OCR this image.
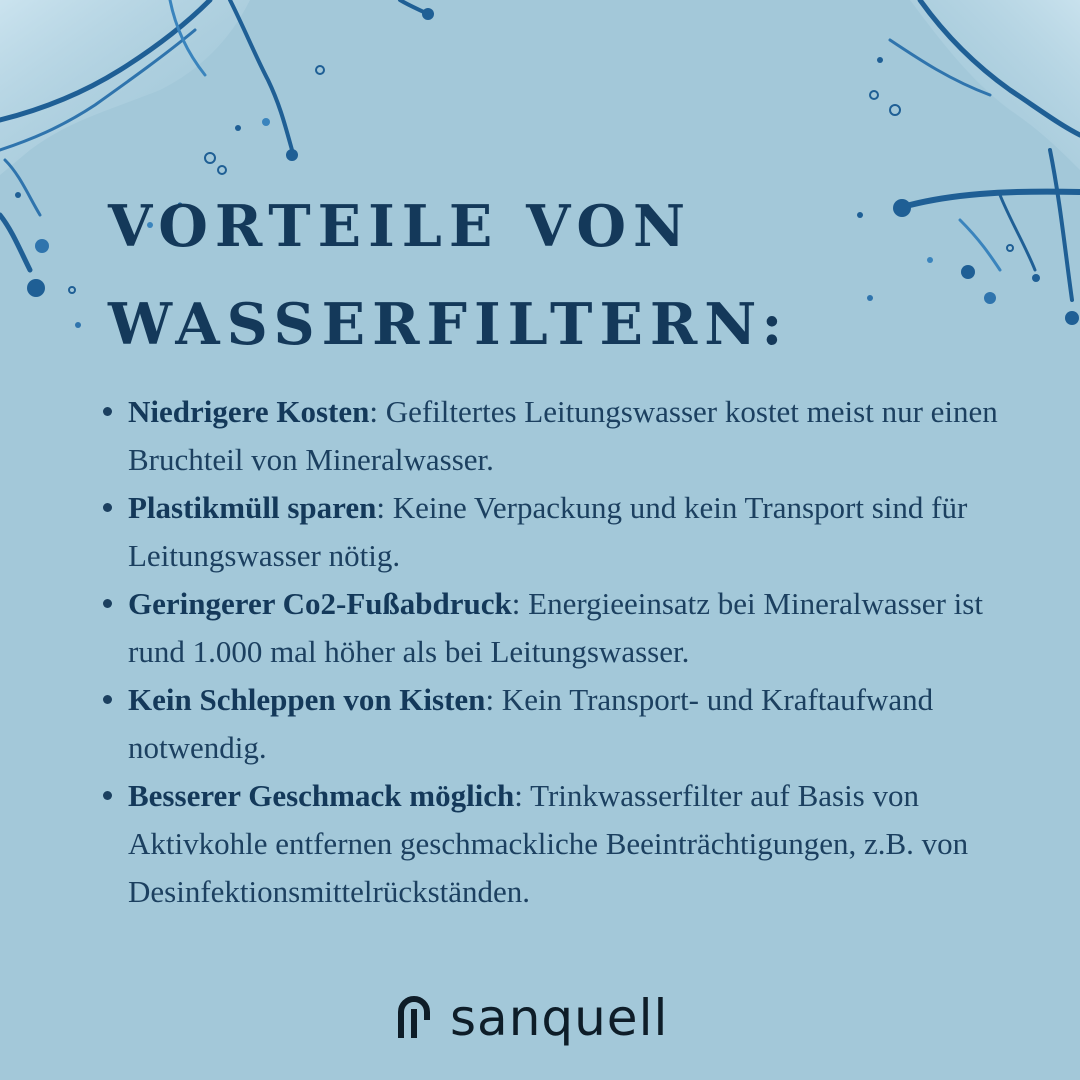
VORTEILE VON
WASSERFILTERN:
Niedrigere Kosten: Gefiltertes Leitungswasser kostet meist nur einen Bruchteil von Mineralwasser.
Plastikmüll sparen: Keine Verpackung und kein Transport sind für Leitungswasser nötig.
Geringerer Co2-Fußabdruck: Energieeinsatz bei Mineralwasser ist rund 1.000 mal höher als bei Leitungswasser.
Kein Schleppen von Kisten: Kein Transport- und Kraftaufwand notwendig.
Besserer Geschmack möglich: Trinkwasserfilter auf Basis von Aktivkohle entfernen geschmackliche Beeinträchtigungen, z.B. von Desinfektionsmittelrückständen.
sanquell
